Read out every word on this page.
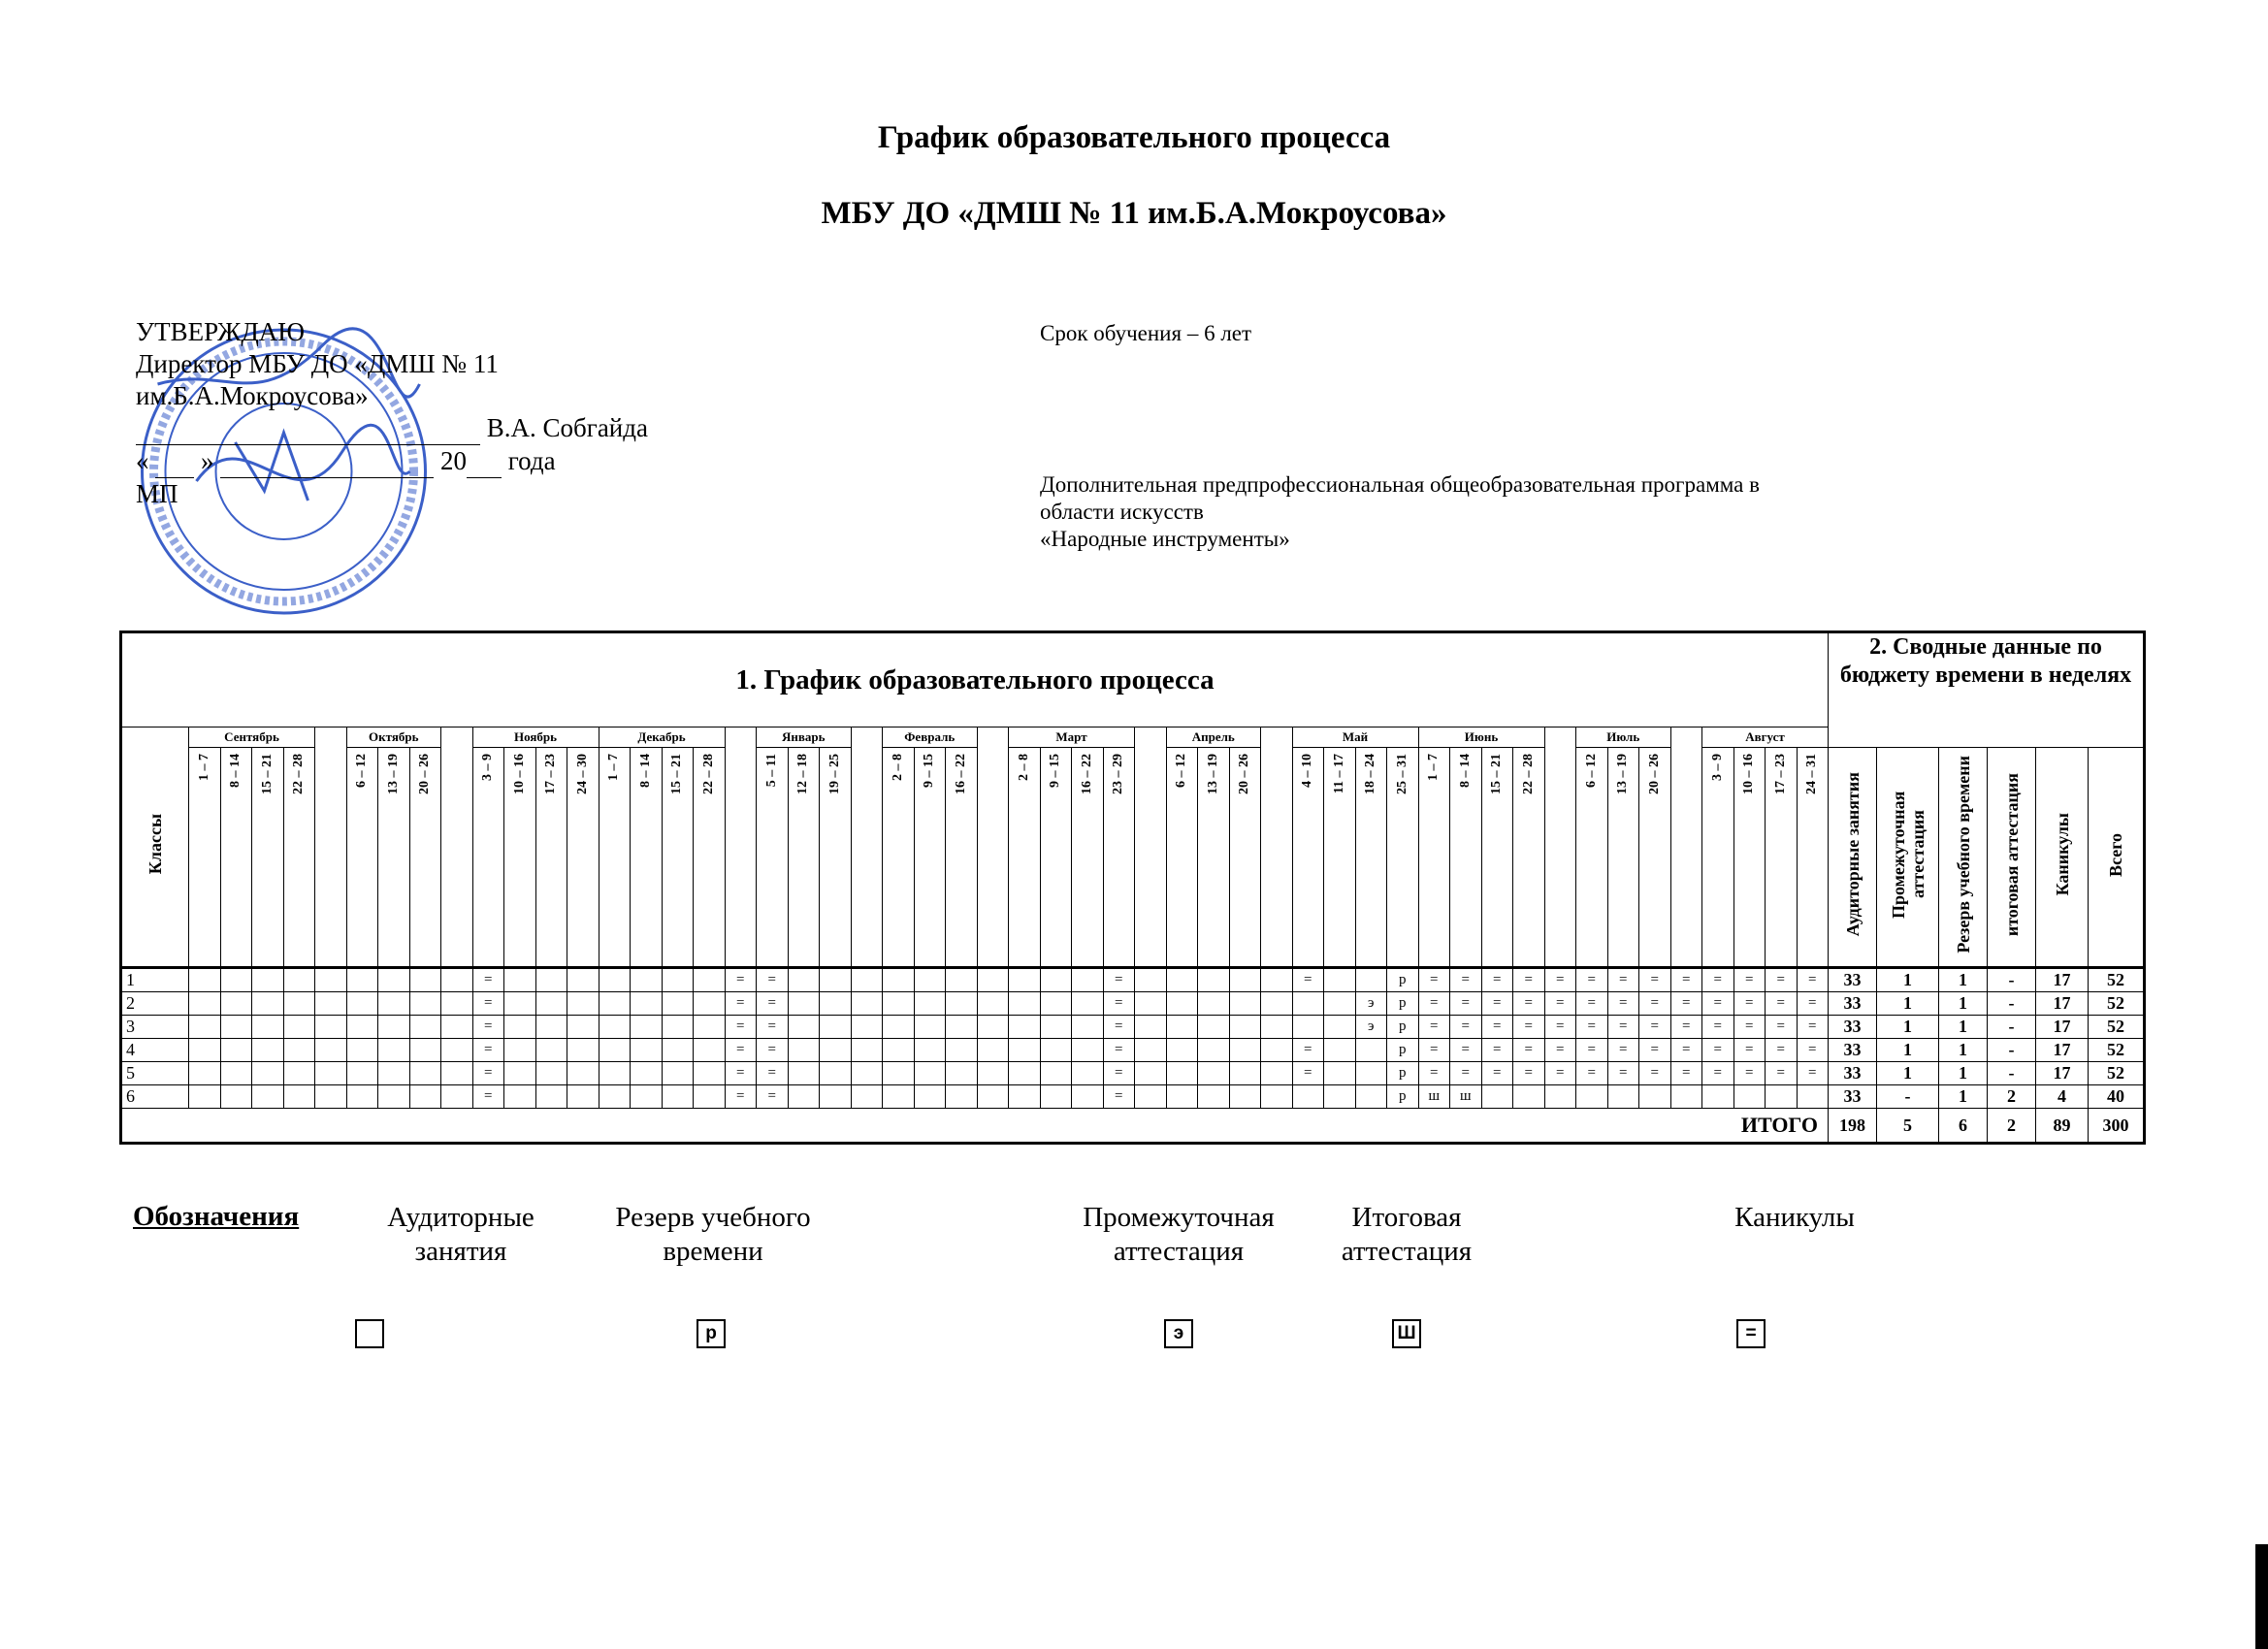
График образовательного процесса
МБУ ДО «ДМШ № 11 им.Б.А.Мокроусова»
УТВЕРЖДАЮ
Директор МБУ ДО «ДМШ № 11
им.Б.А.Мокроусова»
В.А. Собгайда
« »	20 года
МП
Срок обучения – 6 лет
Дополнительная предпрофессиональная общеобразовательная программа в
области искусств
«Народные инструменты»
1. График образовательного процесса																																																					2. Сводные данные по бюджету времени в неделях					
Классы	Сентябрь					Октябрь				Ноябрь				Декабрь					Январь				Февраль				Март					Апрель				Май				Июнь					Июль				Август									
	1 – 7	8 – 14	15 – 21	22 – 28		6 – 12	13 – 19	20 – 26		3 – 9	10 – 16	17 – 23	24 – 30	1 – 7	8 – 14	15 – 21	22 – 28		5 – 11	12 – 18	19 – 25		2 – 8	9 – 15	16 – 22		2 – 8	9 – 15	16 – 22	23 – 29		6 – 12	13 – 19	20 – 26		4 – 10	11 – 17	18 – 24	25 – 31	1 – 7	8 – 14	15 – 21	22 – 28		6 – 12	13 – 19	20 – 26		3 – 9	10 – 16	17 – 23	24 – 31	Аудиторные занятия	Промежуточная аттестация	Резерв учебного времени	итоговая аттестация	Каникулы	Всего
1										=								=	=											=						=			р	=	=	=	=	=	=	=	=	=	=	=	=	=	33	1	1	-	17	52
2										=								=	=											=								э	р	=	=	=	=	=	=	=	=	=	=	=	=	=	33	1	1	-	17	52
3										=								=	=											=								э	р	=	=	=	=	=	=	=	=	=	=	=	=	=	33	1	1	-	17	52
4										=								=	=											=						=			р	=	=	=	=	=	=	=	=	=	=	=	=	=	33	1	1	-	17	52
5										=								=	=											=						=			р	=	=	=	=	=	=	=	=	=	=	=	=	=	33	1	1	-	17	52
6										=								=	=											=									р	ш	ш												33	-	1	2	4	40
ИТОГО																																																					198	5	6	2	89	300
Обозначения	Аудиторные
занятия
Резерв учебного
времени
Промежуточная
аттестация
Итоговая
аттестация
Каникулы
р	э	Ш	=
